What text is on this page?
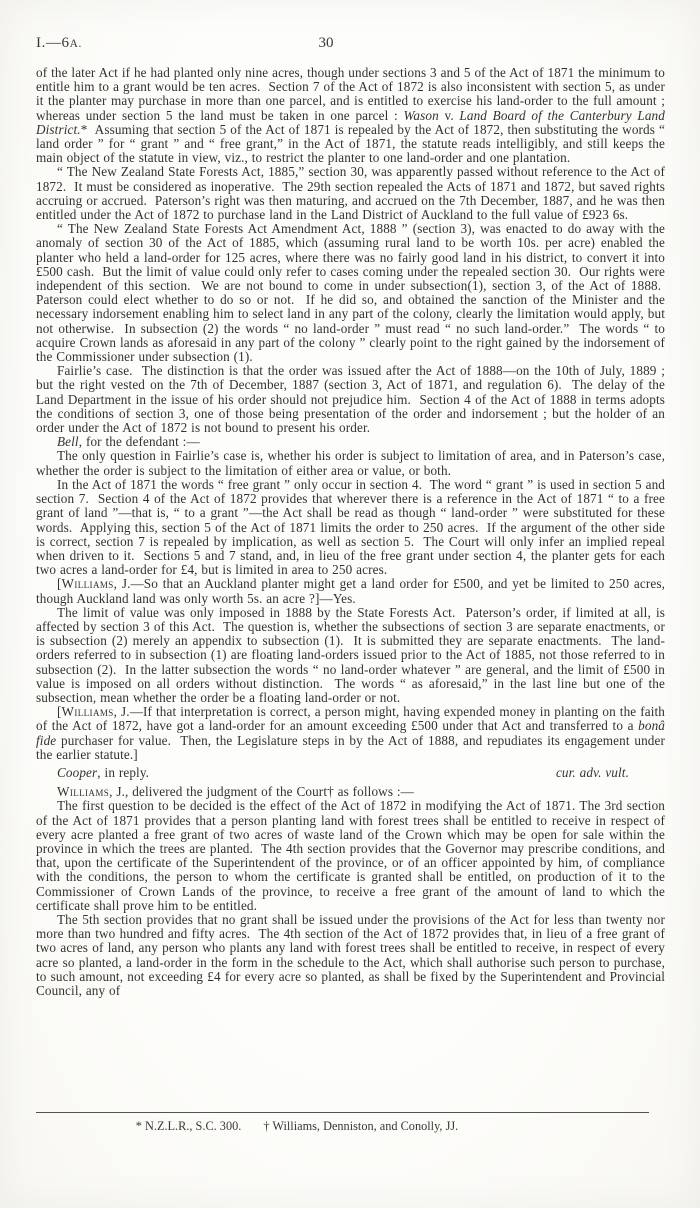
I.—6A.	30

of the later Act if he had planted only nine acres, though under sections 3 and 5 of the Act of 1871 the minimum to entitle him to a grant would be ten acres.  Section 7 of the Act of 1872 is also inconsistent with section 5, as under it the planter may purchase in more than one parcel, and is entitled to exercise his land-order to the full amount ; whereas under section 5 the land must be taken in one parcel : Wason v. Land Board of the Canterbury Land District.*  Assuming that section 5 of the Act of 1871 is repealed by the Act of 1872, then substituting the words “ land order ” for “ grant ” and “ free grant,” in the Act of 1871, the statute reads intelligibly, and still keeps the main object of the statute in view, viz., to restrict the planter to one land-order and one plantation.

“ The New Zealand State Forests Act, 1885,” section 30, was apparently passed without reference to the Act of 1872.  It must be considered as inoperative.  The 29th section repealed the Acts of 1871 and 1872, but saved rights accruing or accrued.  Paterson’s right was then maturing, and accrued on the 7th December, 1887, and he was then entitled under the Act of 1872 to purchase land in the Land District of Auckland to the full value of £923 6s.

“ The New Zealand State Forests Act Amendment Act, 1888 ” (section 3), was enacted to do away with the anomaly of section 30 of the Act of 1885, which (assuming rural land to be worth 10s. per acre) enabled the planter who held a land-order for 125 acres, where there was no fairly good land in his district, to convert it into £500 cash.  But the limit of value could only refer to cases coming under the repealed section 30.  Our rights were independent of this section.  We are not bound to come in under subsection(1), section 3, of the Act of 1888.  Paterson could elect whether to do so or not.  If he did so, and obtained the sanction of the Minister and the necessary indorsement enabling him to select land in any part of the colony, clearly the limitation would apply, but not otherwise.  In subsection (2) the words “ no land-order ” must read “ no such land-order.”  The words “ to acquire Crown lands as aforesaid in any part of the colony ” clearly point to the right gained by the indorsement of the Commissioner under subsection (1).

Fairlie’s case.  The distinction is that the order was issued after the Act of 1888—on the 10th of July, 1889 ; but the right vested on the 7th of December, 1887 (section 3, Act of 1871, and regulation 6).  The delay of the Land Department in the issue of his order should not prejudice him.  Section 4 of the Act of 1888 in terms adopts the conditions of section 3, one of those being presentation of the order and indorsement ; but the holder of an order under the Act of 1872 is not bound to present his order.

Bell, for the defendant :—

The only question in Fairlie’s case is, whether his order is subject to limitation of area, and in Paterson’s case, whether the order is subject to the limitation of either area or value, or both.

In the Act of 1871 the words “ free grant ” only occur in section 4.  The word “ grant ” is used in section 5 and section 7.  Section 4 of the Act of 1872 provides that wherever there is a reference in the Act of 1871 “ to a free grant of land ”—that is, “ to a grant ”—the Act shall be read as though “ land-order ” were substituted for these words.  Applying this, section 5 of the Act of 1871 limits the order to 250 acres.  If the argument of the other side is correct, section 7 is repealed by implication, as well as section 5.  The Court will only infer an implied repeal when driven to it.  Sections 5 and 7 stand, and, in lieu of the free grant under section 4, the planter gets for each two acres a land-order for £4, but is limited in area to 250 acres.

[Williams, J.—So that an Auckland planter might get a land order for £500, and yet be limited to 250 acres, though Auckland land was only worth 5s. an acre ?]—Yes.

The limit of value was only imposed in 1888 by the State Forests Act.  Paterson’s order, if limited at all, is affected by section 3 of this Act.  The question is, whether the subsections of section 3 are separate enactments, or is subsection (2) merely an appendix to subsection (1).  It is submitted they are separate enactments.  The land-orders referred to in subsection (1) are floating land-orders issued prior to the Act of 1885, not those referred to in subsection (2).  In the latter subsection the words “ no land-order whatever ” are general, and the limit of £500 in value is imposed on all orders without distinction.  The words “ as aforesaid,” in the last line but one of the subsection, mean whether the order be a floating land-order or not.

[Williams, J.—If that interpretation is correct, a person might, having expended money in planting on the faith of the Act of 1872, have got a land-order for an amount exceeding £500 under that Act and transferred to a bonâ fide purchaser for value.  Then, the Legislature steps in by the Act of 1888, and repudiates its engagement under the earlier statute.]

cur. adv. vult.
Cooper, in reply.

Williams, J., delivered the judgment of the Court† as follows :—

The first question to be decided is the effect of the Act of 1872 in modifying the Act of 1871. The 3rd section of the Act of 1871 provides that a person planting land with forest trees shall be entitled to receive in respect of every acre planted a free grant of two acres of waste land of the Crown which may be open for sale within the province in which the trees are planted.  The 4th section provides that the Governor may prescribe conditions, and that, upon the certificate of the Superintendent of the province, or of an officer appointed by him, of compliance with the conditions, the person to whom the certificate is granted shall be entitled, on production of it to the Commissioner of Crown Lands of the province, to receive a free grant of the amount of land to which the certificate shall prove him to be entitled.

The 5th section provides that no grant shall be issued under the provisions of the Act for less than twenty nor more than two hundred and fifty acres.  The 4th section of the Act of 1872 provides that, in lieu of a free grant of two acres of land, any person who plants any land with forest trees shall be entitled to receive, in respect of every acre so planted, a land-order in the form in the schedule to the Act, which shall authorise such person to purchase, to such amount, not exceeding £4 for every acre so planted, as shall be fixed by the Superintendent and Provincial Council, any of

* N.Z.L.R., S.C. 300. † Williams, Denniston, and Conolly, JJ.
